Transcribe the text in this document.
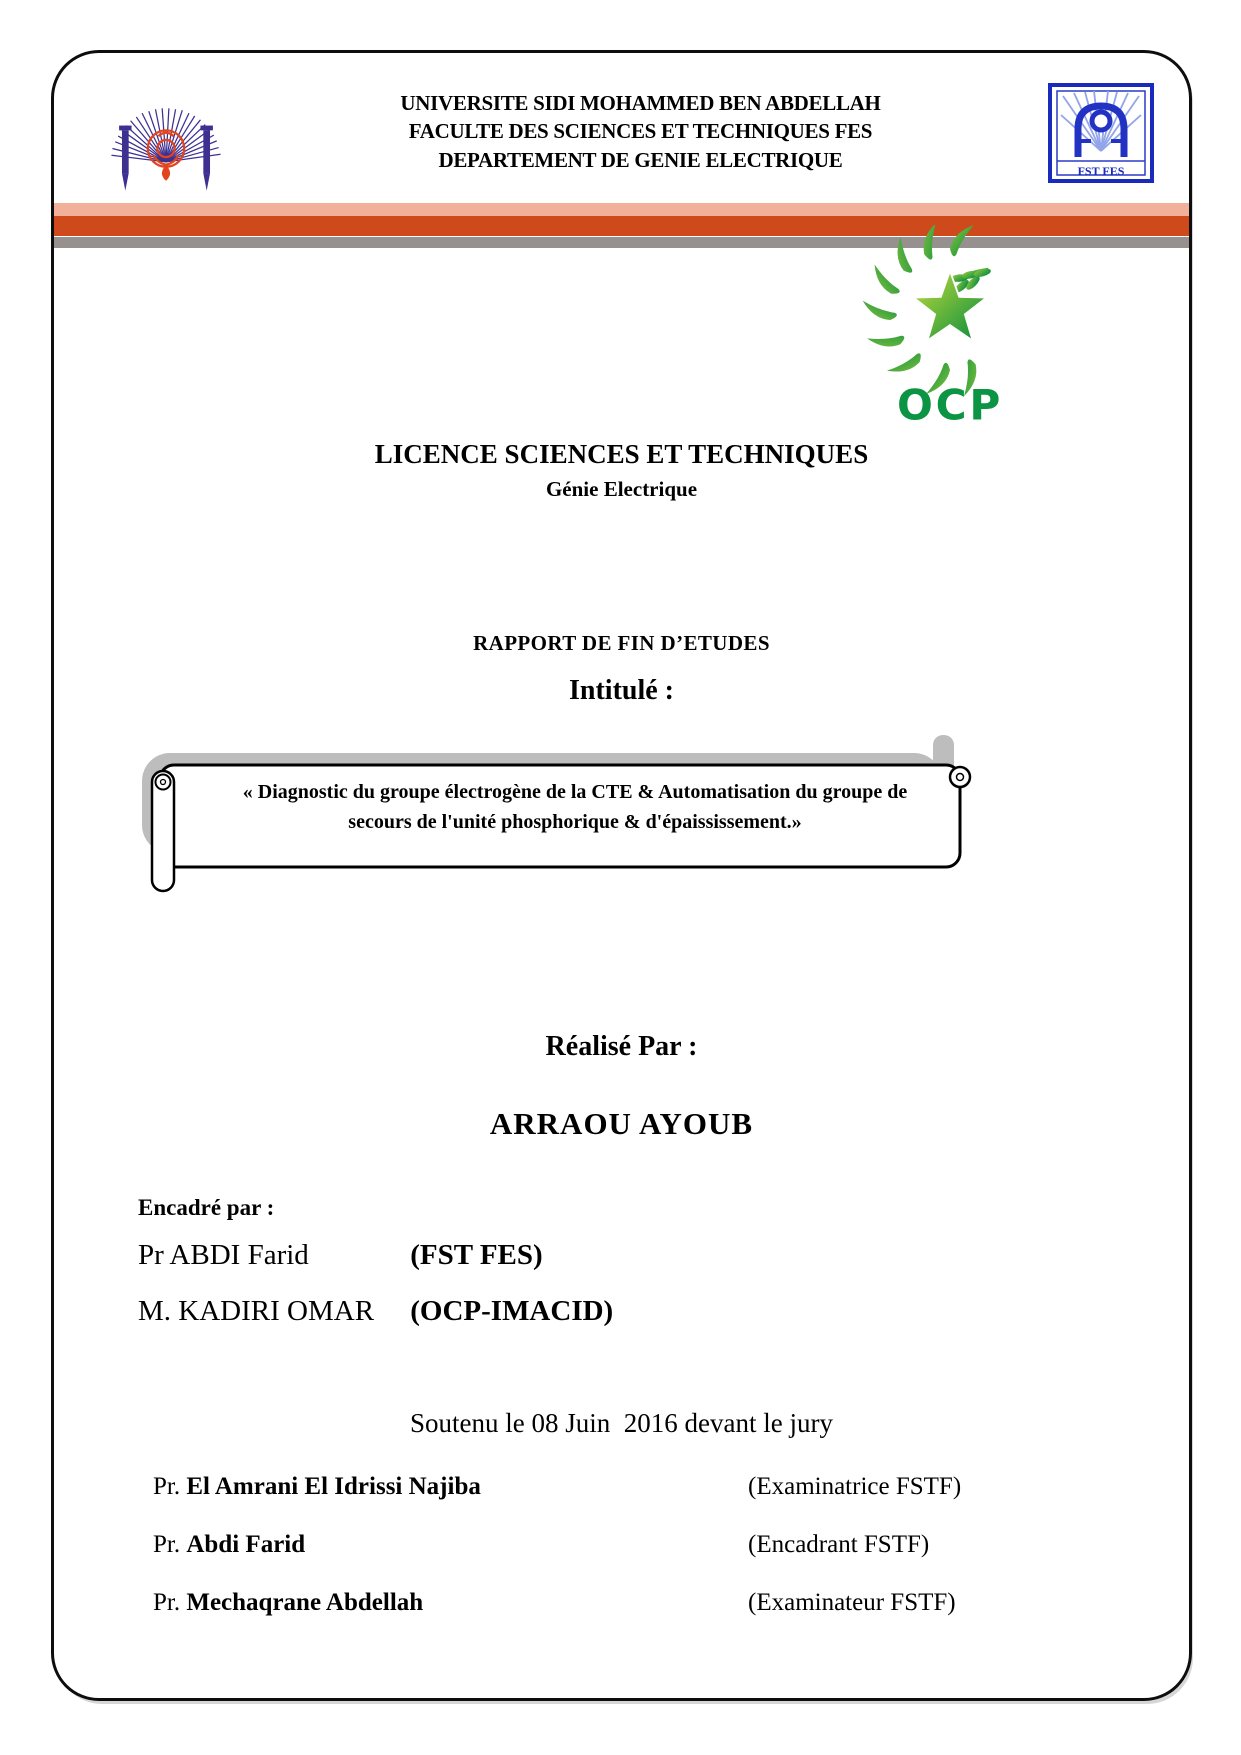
UNIVERSITE SIDI MOHAMMED BEN ABDELLAH
FACULTE DES SCIENCES ET TECHNIQUES FES
DEPARTEMENT DE GENIE ELECTRIQUE	FST FES
OCP
LICENCE SCIENCES ET TECHNIQUES
Génie Electrique
RAPPORT DE FIN D’ETUDES
Intitulé :
« Diagnostic du groupe électrogène de la CTE & Automatisation du groupe de
secours de l'unité phosphorique & d'épaississement.»
Réalisé Par :
ARRAOU AYOUB
Encadré par :
Pr ABDI Farid	(FST FES)
M. KADIRI OMAR (OCP-IMACID)
Soutenu le 08 Juin  2016 devant le jury
Pr. El Amrani El Idrissi Najiba	(Examinatrice FSTF)
Pr. Abdi Farid	(Encadrant FSTF)
Pr. Mechaqrane Abdellah	(Examinateur FSTF)
